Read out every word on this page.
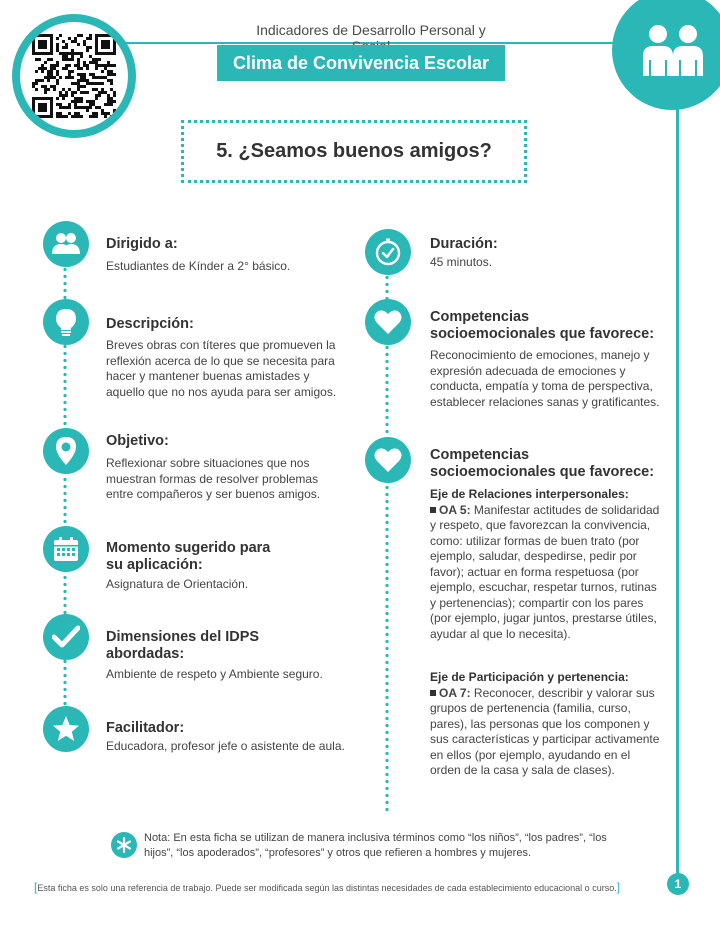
Indicadores de Desarrollo Personal y
Clima de Convivencia Escolar
5. ¿Seamos buenos amigos?
Dirigido a:
Estudiantes de Kínder a 2° básico.
Descripción:
Breves obras con títeres que promueven la reflexión acerca de lo que se necesita para hacer y mantener buenas amistades y aquello que no nos ayuda para ser amigos.
Objetivo:
Reflexionar sobre situaciones que nos muestran formas de resolver problemas entre compañeros y ser buenos amigos.
Momento sugerido para su aplicación:
Asignatura de Orientación.
Dimensiones del IDPS abordadas:
Ambiente de respeto y Ambiente seguro.
Facilitador:
Educadora, profesor jefe o asistente de aula.
Duración:
45 minutos.
Competencias socioemocionales que favorece:
Reconocimiento de emociones, manejo y expresión adecuada de emociones y conducta, empatía y toma de perspectiva, establecer relaciones sanas y gratificantes.
Competencias socioemocionales que favorece:
Eje de Relaciones interpersonales:
OA 5: Manifestar actitudes de solidaridad y respeto, que favorezcan la convivencia, como: utilizar formas de buen trato (por ejemplo, saludar, despedirse, pedir por favor); actuar en forma respetuosa (por ejemplo, escuchar, respetar turnos, rutinas y pertenencias); compartir con los pares (por ejemplo, jugar juntos, prestarse útiles, ayudar al que lo necesita).
Eje de Participación y pertenencia:
OA 7: Reconocer, describir y valorar sus grupos de pertenencia (familia, curso, pares), las personas que los componen y sus características y participar activamente en ellos (por ejemplo, ayudando en el orden de la casa y sala de clases).
Nota: En esta ficha se utilizan de manera inclusiva términos como “los niños”, “los padres”, “los hijos”, “los apoderados”, “profesores” y otros que refieren a hombres y mujeres.
[Esta ficha es solo una referencia de trabajo. Puede ser modificada según las distintas necesidades de cada establecimiento educacional o curso.]	1
